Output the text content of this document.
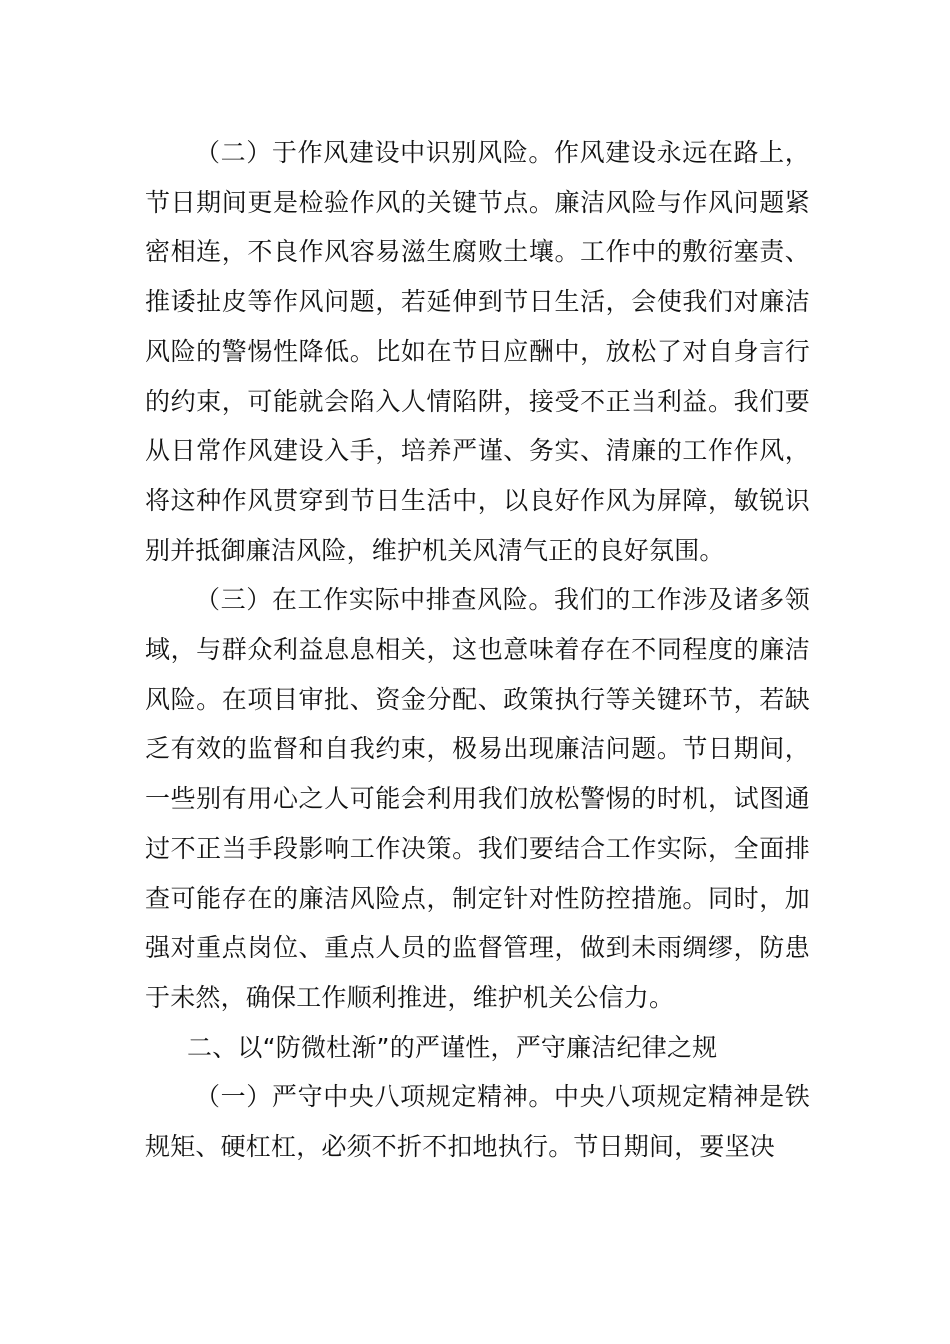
（二）于作风建设中识别风险。作风建设永远在路上，节日期间更是检验作风的关键节点。廉洁风险与作风问题紧密相连，不良作风容易滋生腐败土壤。工作中的敷衍塞责、推诿扯皮等作风问题，若延伸到节日生活，会使我们对廉洁风险的警惕性降低。比如在节日应酬中，放松了对自身言行的约束，可能就会陷入人情陷阱，接受不正当利益。我们要从日常作风建设入手，培养严谨、务实、清廉的工作作风，将这种作风贯穿到节日生活中，以良好作风为屏障，敏锐识别并抵御廉洁风险，维护机关风清气正的良好氛围。

（三）在工作实际中排查风险。我们的工作涉及诸多领域，与群众利益息息相关，这也意味着存在不同程度的廉洁风险。在项目审批、资金分配、政策执行等关键环节，若缺乏有效的监督和自我约束，极易出现廉洁问题。节日期间，一些别有用心之人可能会利用我们放松警惕的时机，试图通过不正当手段影响工作决策。我们要结合工作实际，全面排查可能存在的廉洁风险点，制定针对性防控措施。同时，加强对重点岗位、重点人员的监督管理，做到未雨绸缪，防患于未然，确保工作顺利推进，维护机关公信力。

二、以“防微杜渐”的严谨性，严守廉洁纪律之规

（一）严守中央八项规定精神。中央八项规定精神是铁规矩、硬杠杠，必须不折不扣地执行。节日期间，要坚决
